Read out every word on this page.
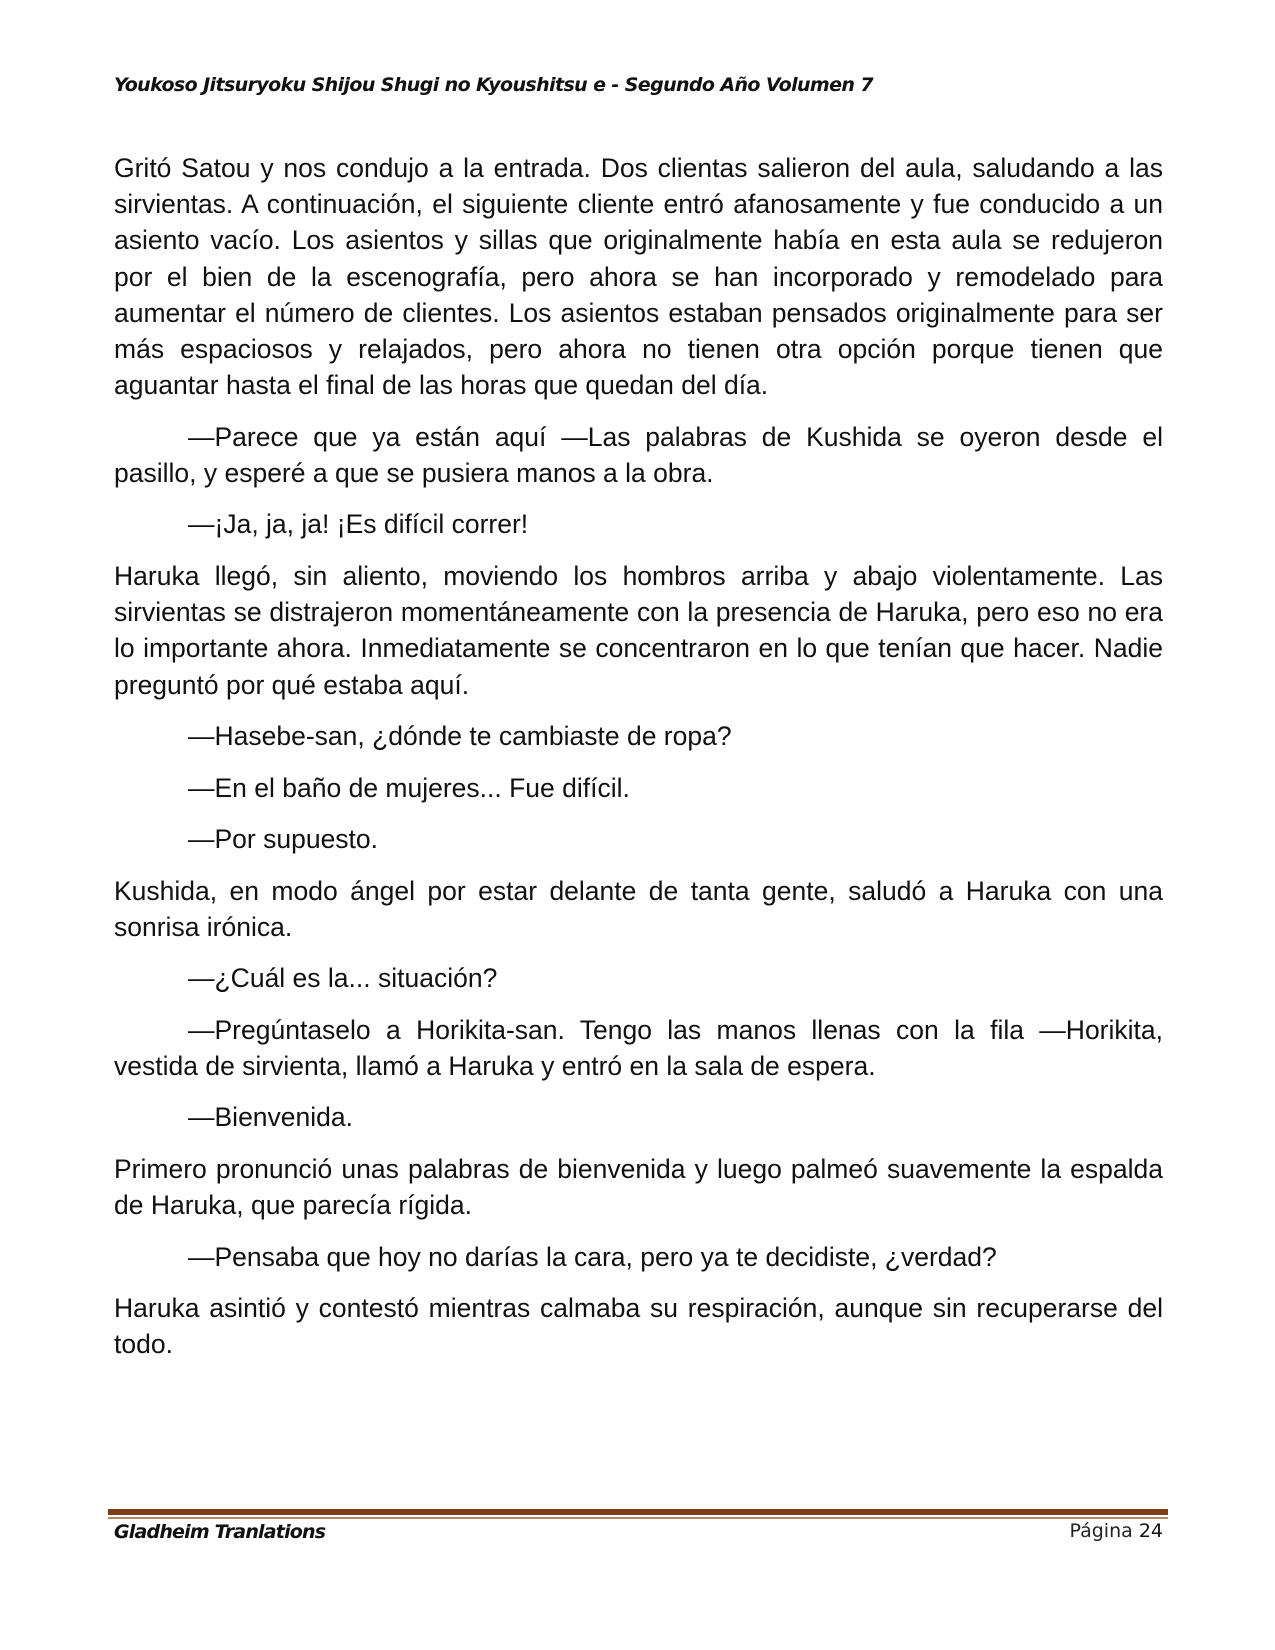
Youkoso Jitsuryoku Shijou Shugi no Kyoushitsu e - Segundo Año Volumen 7

Gritó Satou y nos condujo a la entrada. Dos clientas salieron del aula, saludando a las sirvientas. A continuación, el siguiente cliente entró afanosamente y fue conducido a un asiento vacío. Los asientos y sillas que originalmente había en esta aula se redujeron por el bien de la escenografía, pero ahora se han incorporado y remodelado para aumentar el número de clientes. Los asientos estaban pensados originalmente para ser más espaciosos y relajados, pero ahora no tienen otra opción porque tienen que aguantar hasta el final de las horas que quedan del día.

—Parece que ya están aquí —Las palabras de Kushida se oyeron desde el pasillo, y esperé a que se pusiera manos a la obra.

—¡Ja, ja, ja! ¡Es difícil correr!

Haruka llegó, sin aliento, moviendo los hombros arriba y abajo violentamente. Las sirvientas se distrajeron momentáneamente con la presencia de Haruka, pero eso no era lo importante ahora. Inmediatamente se concentraron en lo que tenían que hacer. Nadie preguntó por qué estaba aquí.

—Hasebe-san, ¿dónde te cambiaste de ropa?

—En el baño de mujeres... Fue difícil.

—Por supuesto.

Kushida, en modo ángel por estar delante de tanta gente, saludó a Haruka con una sonrisa irónica.

—¿Cuál es la... situación?

—Pregúntaselo a Horikita-san. Tengo las manos llenas con la fila —Horikita, vestida de sirvienta, llamó a Haruka y entró en la sala de espera.

—Bienvenida.

Primero pronunció unas palabras de bienvenida y luego palmeó suavemente la espalda de Haruka, que parecía rígida.

—Pensaba que hoy no darías la cara, pero ya te decidiste, ¿verdad?

Haruka asintió y contestó mientras calmaba su respiración, aunque sin recuperarse del todo.

Gladheim Tranlations	Página 24
